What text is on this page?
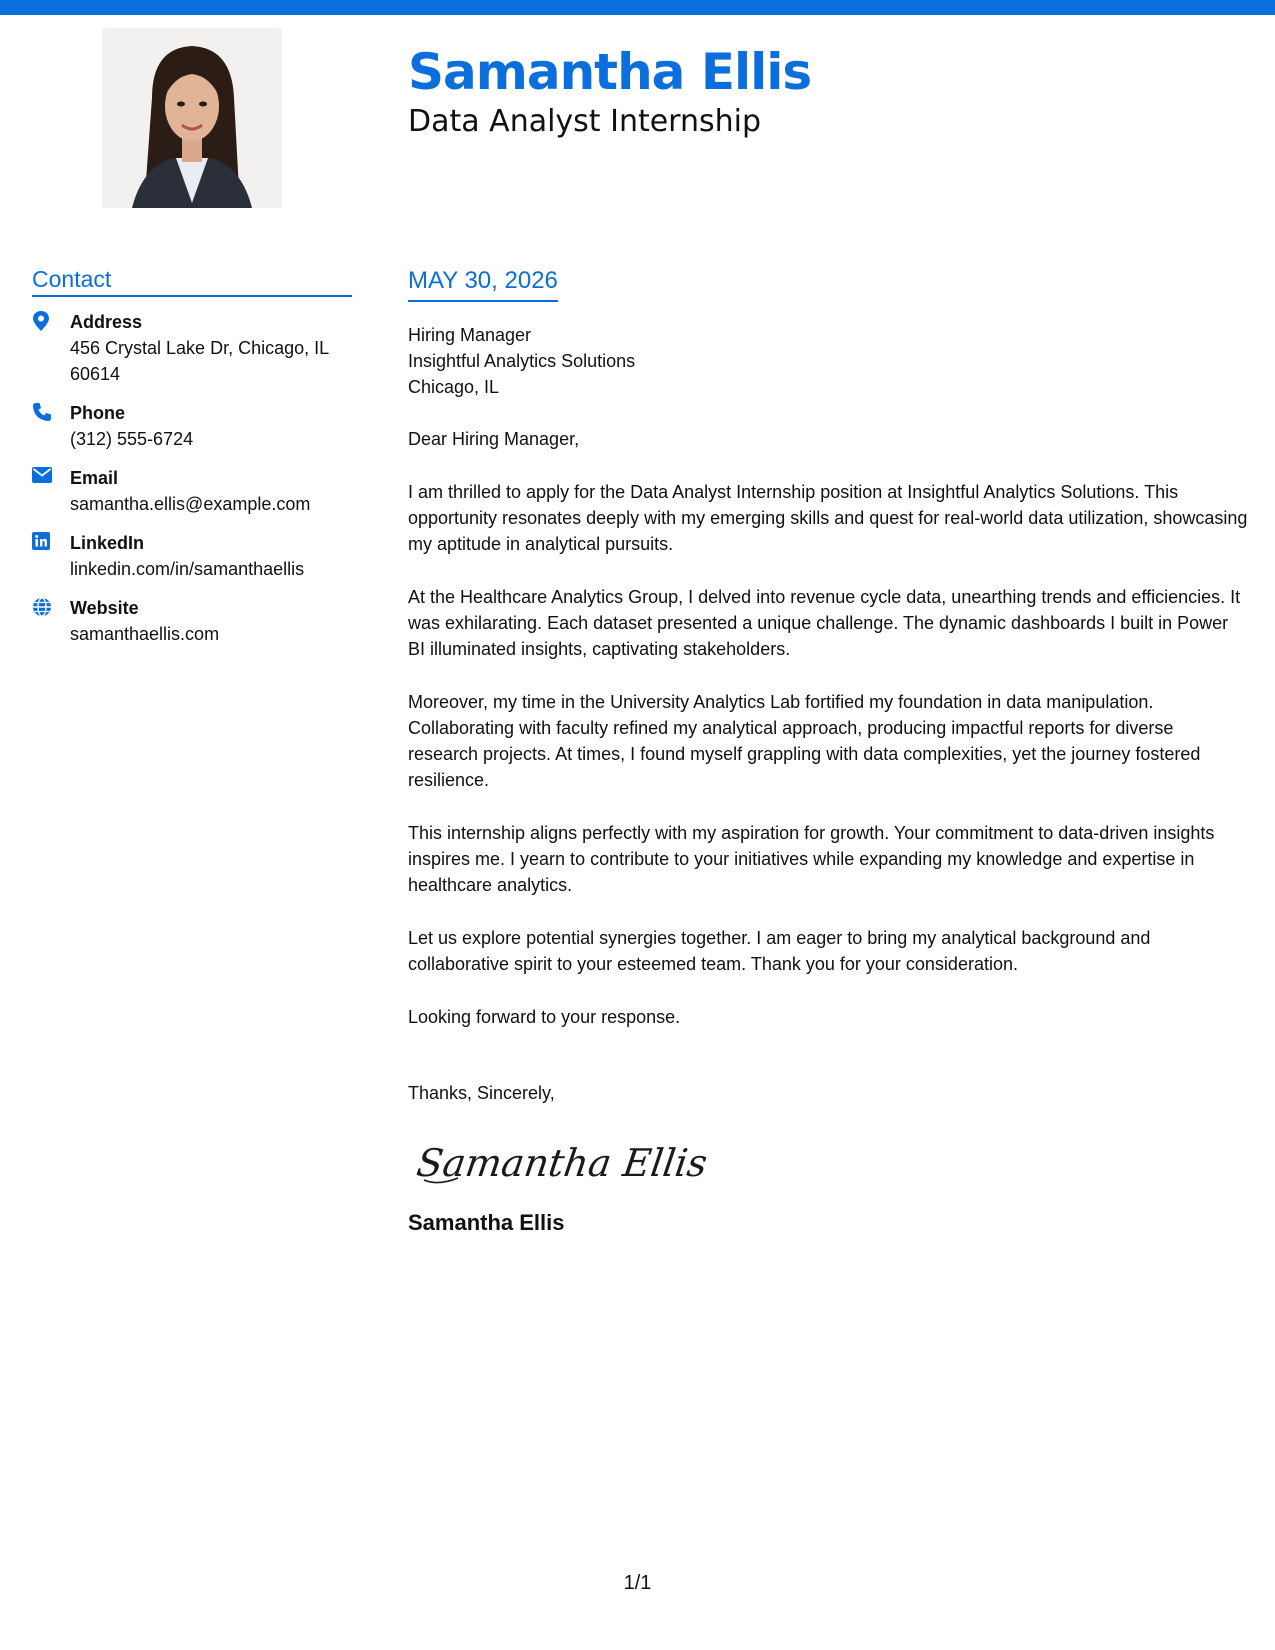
Samantha Ellis
Data Analyst Internship
Contact
Address
456 Crystal Lake Dr, Chicago, IL 60614
Phone
(312) 555-6724
Email
samantha.ellis@example.com
LinkedIn
linkedin.com/in/samanthaellis
Website
samanthaellis.com
MAY 30, 2026
Hiring Manager
Insightful Analytics Solutions
Chicago, IL

Dear Hiring Manager,

I am thrilled to apply for the Data Analyst Internship position at Insightful Analytics Solutions. This opportunity resonates deeply with my emerging skills and quest for real-world data utilization, showcasing my aptitude in analytical pursuits.

At the Healthcare Analytics Group, I delved into revenue cycle data, unearthing trends and efficiencies. It was exhilarating. Each dataset presented a unique challenge. The dynamic dashboards I built in Power BI illuminated insights, captivating stakeholders.

Moreover, my time in the University Analytics Lab fortified my foundation in data manipulation. Collaborating with faculty refined my analytical approach, producing impactful reports for diverse research projects. At times, I found myself grappling with data complexities, yet the journey fostered resilience.

This internship aligns perfectly with my aspiration for growth. Your commitment to data-driven insights inspires me. I yearn to contribute to your initiatives while expanding my knowledge and expertise in healthcare analytics.

Let us explore potential synergies together. I am eager to bring my analytical background and collaborative spirit to your esteemed team. Thank you for your consideration.

Looking forward to your response.

Thanks, Sincerely,

Samantha Ellis
Samantha Ellis
1/1
